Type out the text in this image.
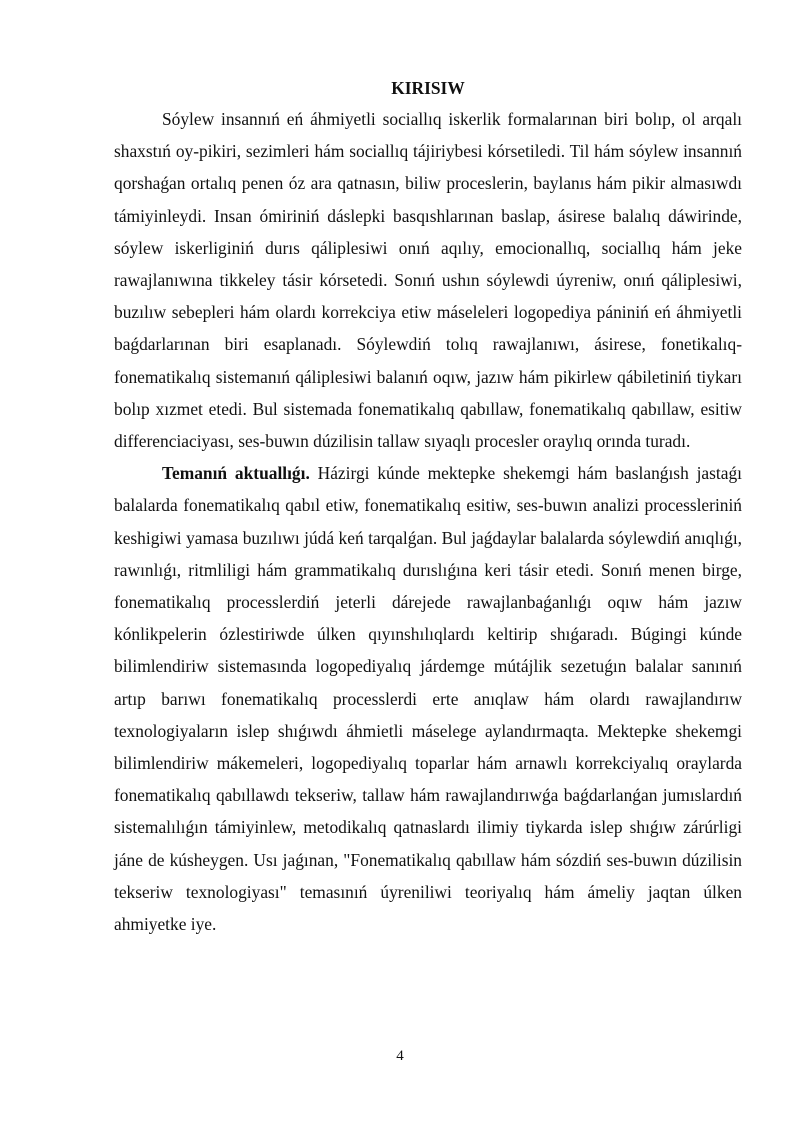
KIRISIW

Sóylew insannıń eń áhmiyetli sociallıq iskerlik formalarınan biri bolıp, ol arqalı shaxstıń oy-pikiri, sezimleri hám sociallıq tájiriybesi kórsetiledi. Til hám sóylew insannıń qorshaǵan ortalıq penen óz ara qatnasın, biliw proceslerin, baylanıs hám pikir almasıwdı támiyinleydi. Insan ómiriniń dáslepki basqıshlarınan baslap, ásirese balalıq dáwirinde, sóylew iskerliginiń durıs qáliplesiwi onıń aqılıy, emocionallıq, sociallıq hám jeke rawajlanıwına tikkeley tásir kórsetedi. Sonıń ushın sóylewdi úyreniw, onıń qáliplesiwi, buzılıw sebepleri hám olardı korrekciya etiw máseleleri logopediya pániniń eń áhmiyetli baǵdarlarınan biri esaplanadı. Sóylewdiń tolıq rawajlanıwı, ásirese, fonetikalıq-fonematikalıq sistemanıń qáliplesiwi balanıń oqıw, jazıw hám pikirlew qábiletiniń tiykarı bolıp xızmet etedi. Bul sistemada fonematikalıq qabıllaw, fonematikalıq qabıllaw, esitiw differenciaciyası, ses-buwın dúzilisin tallaw sıyaqlı procesler oraylıq orında turadı.

Temanıń aktuallıǵı. Házirgi kúnde mektepke shekemgi hám baslanǵısh jastaǵı balalarda fonematikalıq qabıl etiw, fonematikalıq esitiw, ses-buwın analizi processleriniń keshigiwi yamasa buzılıwı júdá keń tarqalǵan. Bul jaǵdaylar balalarda sóylewdiń anıqlıǵı, rawınlıǵı, ritmliligi hám grammatikalıq durıslıǵına keri tásir etedi. Sonıń menen birge, fonematikalıq processlerdiń jeterli dárejede rawajlanbaǵanlıǵı oqıw hám jazıw kónlikpelerin ózlestiriwde úlken qıyınshılıqlardı keltirip shıǵaradı. Búgingi kúnde bilimlendiriw sistemasında logopediyalıq járdemge mútájlik sezetuǵın balalar sanınıń artıp barıwı fonematikalıq processlerdi erte anıqlaw hám olardı rawajlandırıw texnologiyaların islep shıǵıwdı áhmietli máselege aylandırmaqta. Mektepke shekemgi bilimlendiriw mákemeleri, logopediyalıq toparlar hám arnawlı korrekciyalıq oraylarda fonematikalıq qabıllawdı tekseriw, tallaw hám rawajlandırıwǵa baǵdarlanǵan jumıslardıń sistemalılıǵın támiyinlew, metodikalıq qatnaslardı ilimiy tiykarda islep shıǵıw zárúrligi jáne de kúsheygen. Usı jaǵınan, "Fonematikalıq qabıllaw hám sózdiń ses-buwın dúzilisin tekseriw texnologiyası" temasınıń úyreniliwi teoriyalıq hám ámeliy jaqtan úlken ahmiyetke iye.

4
